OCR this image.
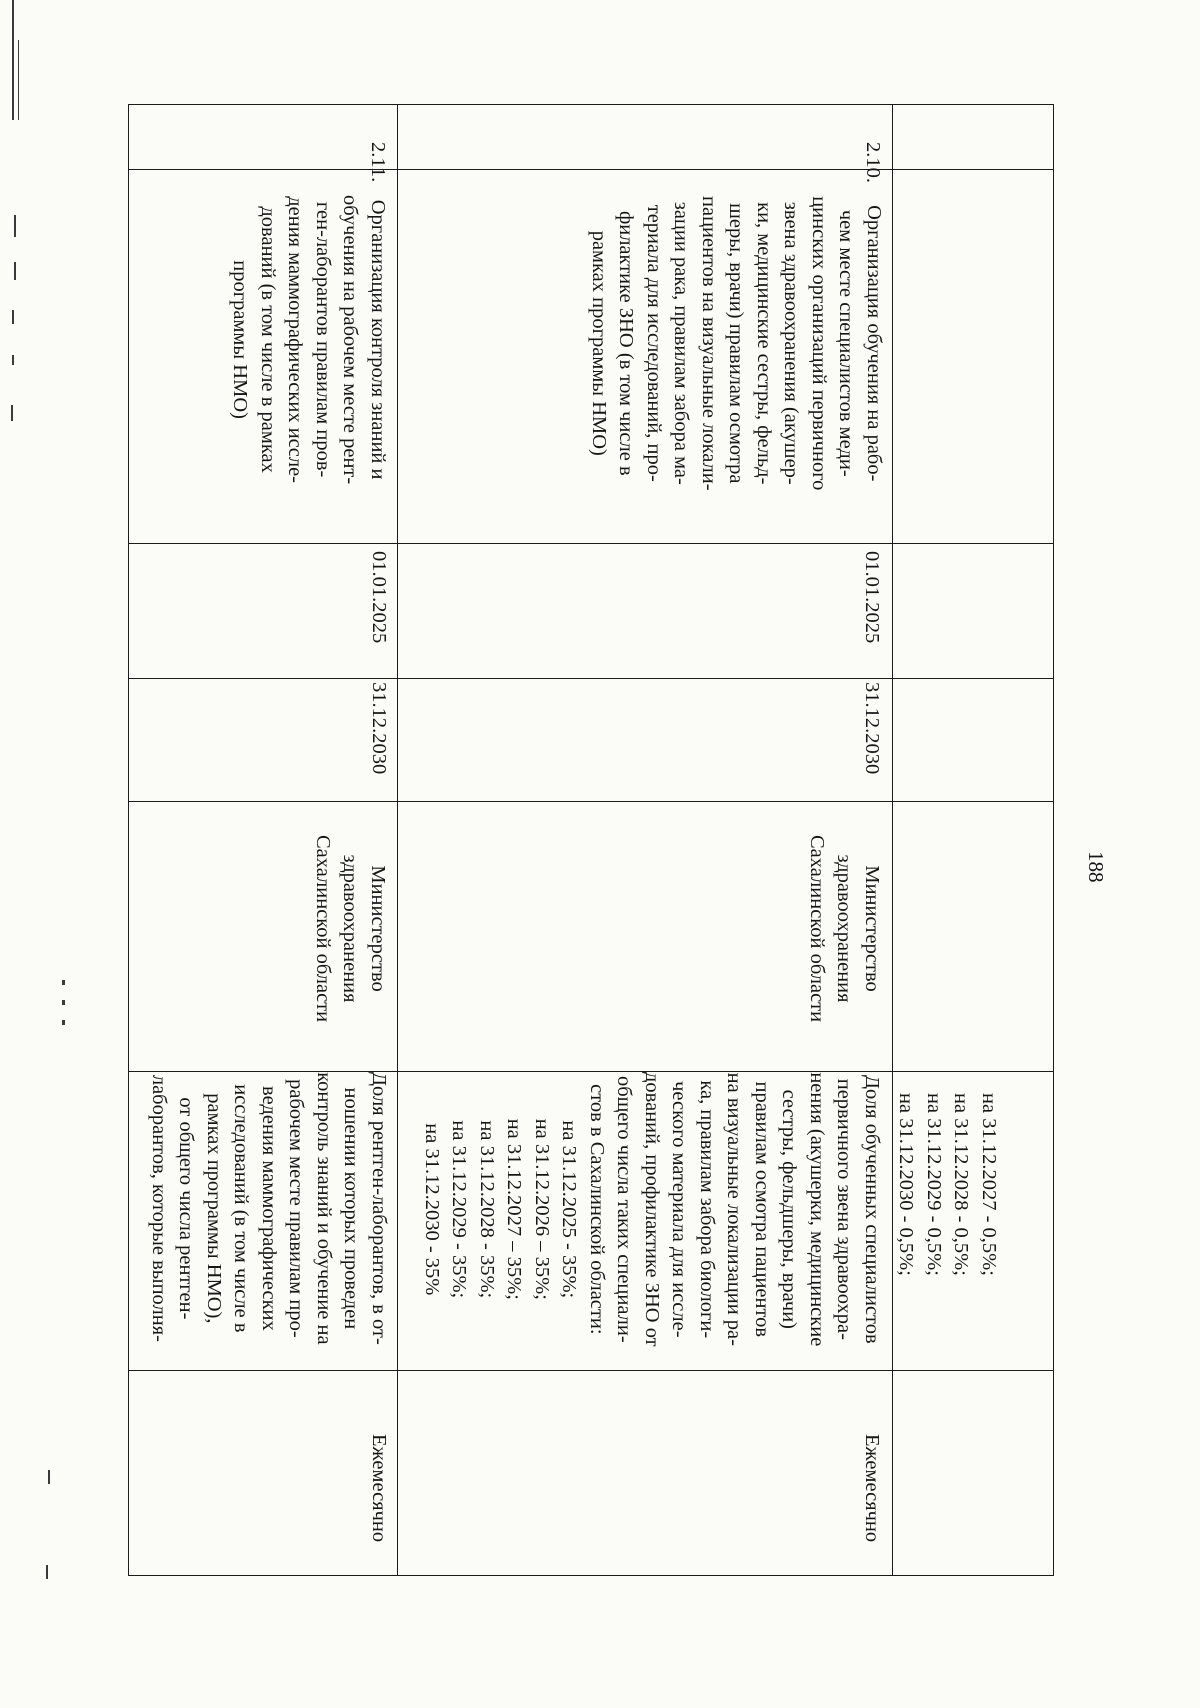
188
на 31.12.2027 - 0,5%;
на 31.12.2028 - 0,5%;
на 31.12.2029 - 0,5%;
на 31.12.2030 - 0,5%;
2.10.
Организация обучения на рабо-
чем месте специалистов меди-
цинских организаций первичного
звена здравоохранения (акушер-
ки, медицинские сестры, фельд-
шеры, врачи) правилам осмотра
пациентов на визуальные локали-
зации рака, правилам забора ма-
териала для исследований, про-
филактике ЗНО (в том числе в
рамках программы НМО)
01.01.2025
31.12.2030
Министерство
здравоохранения
Сахалинской области
Доля обученных специалистов
первичного звена здравоохра-
нения (акушерки, медицинские
сестры, фельдшеры, врачи)
правилам осмотра пациентов
на визуальные локализации ра-
ка, правилам забора биологи-
ческого материала для иссле-
дований, профилактике ЗНО от
общего числа таких специали-
стов в Сахалинской области:
на 31.12.2025 - 35%;
на 31.12.2026 – 35%;
на 31.12.2027 – 35%;
на 31.12.2028 - 35%;
на 31.12.2029 - 35%;
на 31.12.2030 - 35%
Ежемесячно
2.11.
Организация контроля знаний и
обучения на рабочем месте рент-
ген-лаборантов правилам пров-
дения маммографических иссле-
дований (в том числе в рамках
программы НМО)
01.01.2025
31.12.2030
Министерство
здравоохранения
Сахалинской области
Доля рентген-лаборантов, в от-
ношении которых проведен
контроль знаний и обучение на
рабочем месте правилам про-
ведения маммографических
исследований (в том числе в
рамках программы НМО),
от общего числа рентген-
лаборантов, которые выполня-
Ежемесячно
